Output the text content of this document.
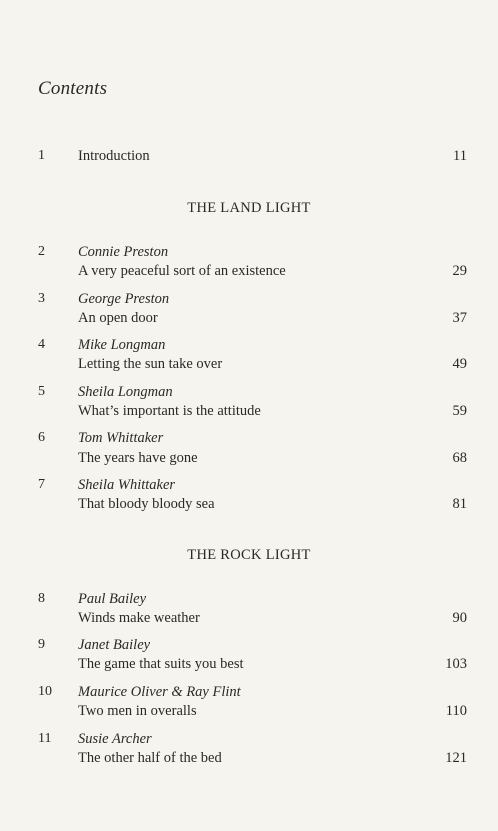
Contents
1 Introduction	11
THE LAND LIGHT
2 Connie Preston
A very peaceful sort of an existence	29
3 George Preston
An open door	37
4 Mike Longman
Letting the sun take over	49
5 Sheila Longman
What’s important is the attitude	59
6 Tom Whittaker
The years have gone	68
7 Sheila Whittaker
That bloody bloody sea	81
THE ROCK LIGHT
8 Paul Bailey
Winds make weather	90
9 Janet Bailey
The game that suits you best	103
10 Maurice Oliver & Ray Flint
Two men in overalls	110
11 Susie Archer
The other half of the bed	121
